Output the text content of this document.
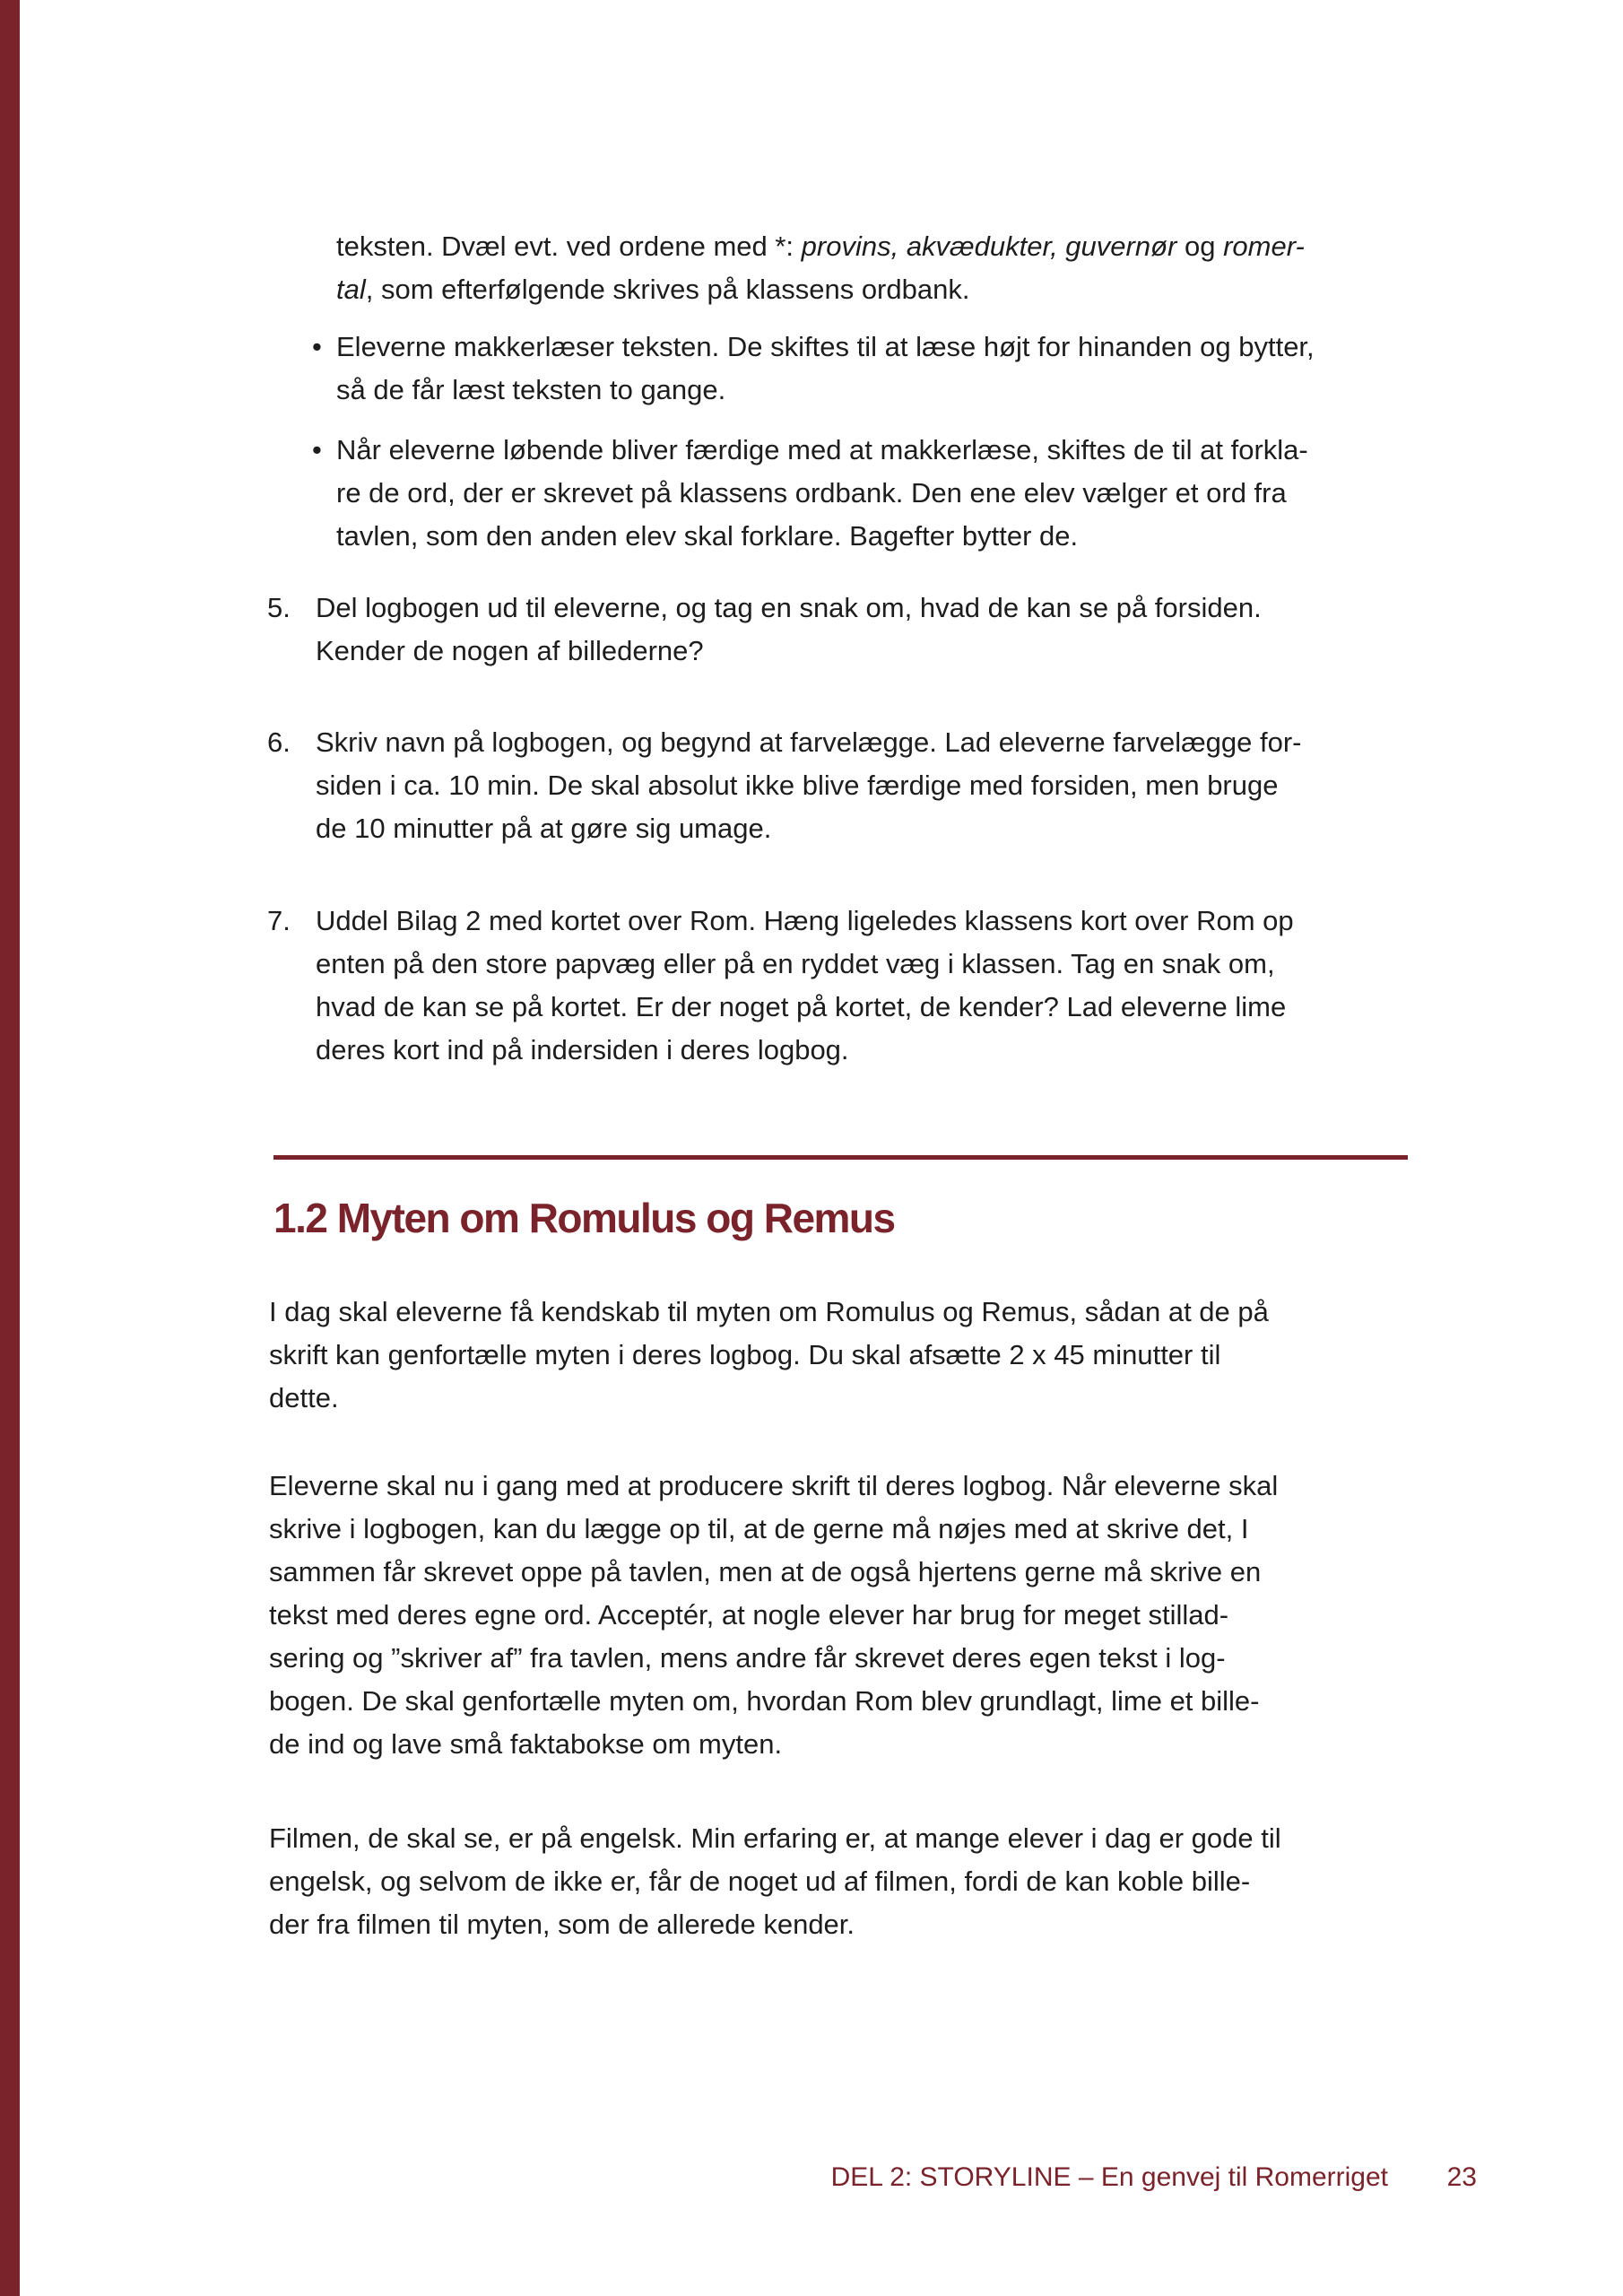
teksten. Dvæl evt. ved ordene med *: provins, akvædukter, guvernør og romer-
tal, som efterfølgende skrives på klassens ordbank.
• Eleverne makkerlæser teksten. De skiftes til at læse højt for hinanden og bytter,
så de får læst teksten to gange.
• Når eleverne løbende bliver færdige med at makkerlæse, skiftes de til at forkla-
re de ord, der er skrevet på klassens ordbank. Den ene elev vælger et ord fra
tavlen, som den anden elev skal forklare. Bagefter bytter de.
5. Del logbogen ud til eleverne, og tag en snak om, hvad de kan se på forsiden.
Kender de nogen af billederne?
6. Skriv navn på logbogen, og begynd at farvelægge. Lad eleverne farvelægge for-
siden i ca. 10 min. De skal absolut ikke blive færdige med forsiden, men bruge
de 10 minutter på at gøre sig umage.
7. Uddel Bilag 2 med kortet over Rom. Hæng ligeledes klassens kort over Rom op
enten på den store papvæg eller på en ryddet væg i klassen. Tag en snak om,
hvad de kan se på kortet. Er der noget på kortet, de kender? Lad eleverne lime
deres kort ind på indersiden i deres logbog.
1.2 Myten om Romulus og Remus
I dag skal eleverne få kendskab til myten om Romulus og Remus, sådan at de på
skrift kan genfortælle myten i deres logbog. Du skal afsætte 2 x 45 minutter til
dette.
Eleverne skal nu i gang med at producere skrift til deres logbog. Når eleverne skal
skrive i logbogen, kan du lægge op til, at de gerne må nøjes med at skrive det, I
sammen får skrevet oppe på tavlen, men at de også hjertens gerne må skrive en
tekst med deres egne ord. Acceptér, at nogle elever har brug for meget stillad-
sering og ”skriver af” fra tavlen, mens andre får skrevet deres egen tekst i log-
bogen. De skal genfortælle myten om, hvordan Rom blev grundlagt, lime et bille-
de ind og lave små faktabokse om myten.
Filmen, de skal se, er på engelsk. Min erfaring er, at mange elever i dag er gode til
engelsk, og selvom de ikke er, får de noget ud af filmen, fordi de kan koble bille-
der fra filmen til myten, som de allerede kender.
DEL 2: STORYLINE – En genvej til Romerriget 23
